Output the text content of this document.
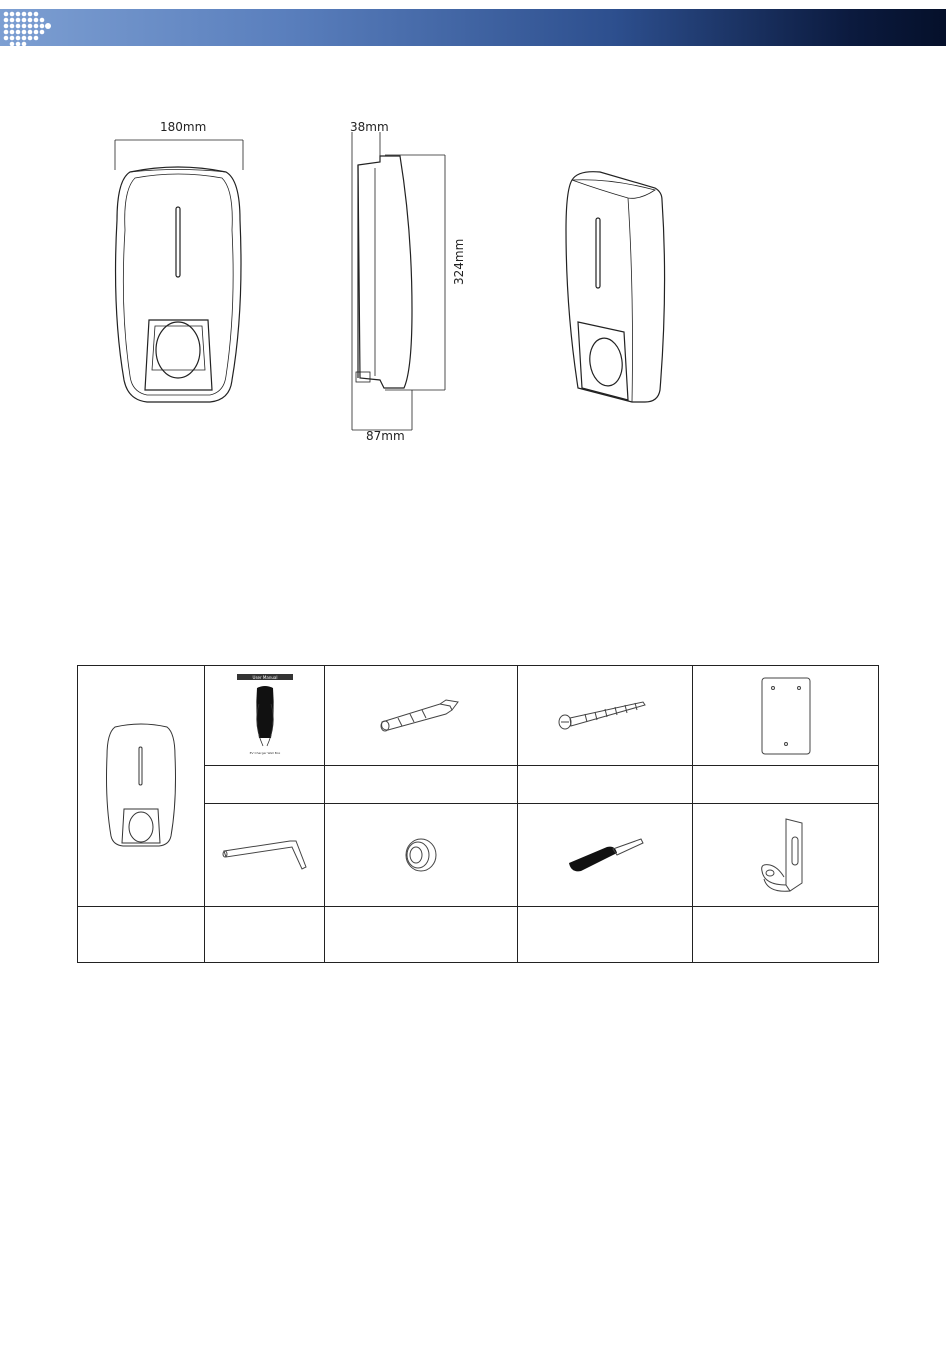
180mm	38mm
324mm
87mm

User Manual
EV Charger Wall Box
